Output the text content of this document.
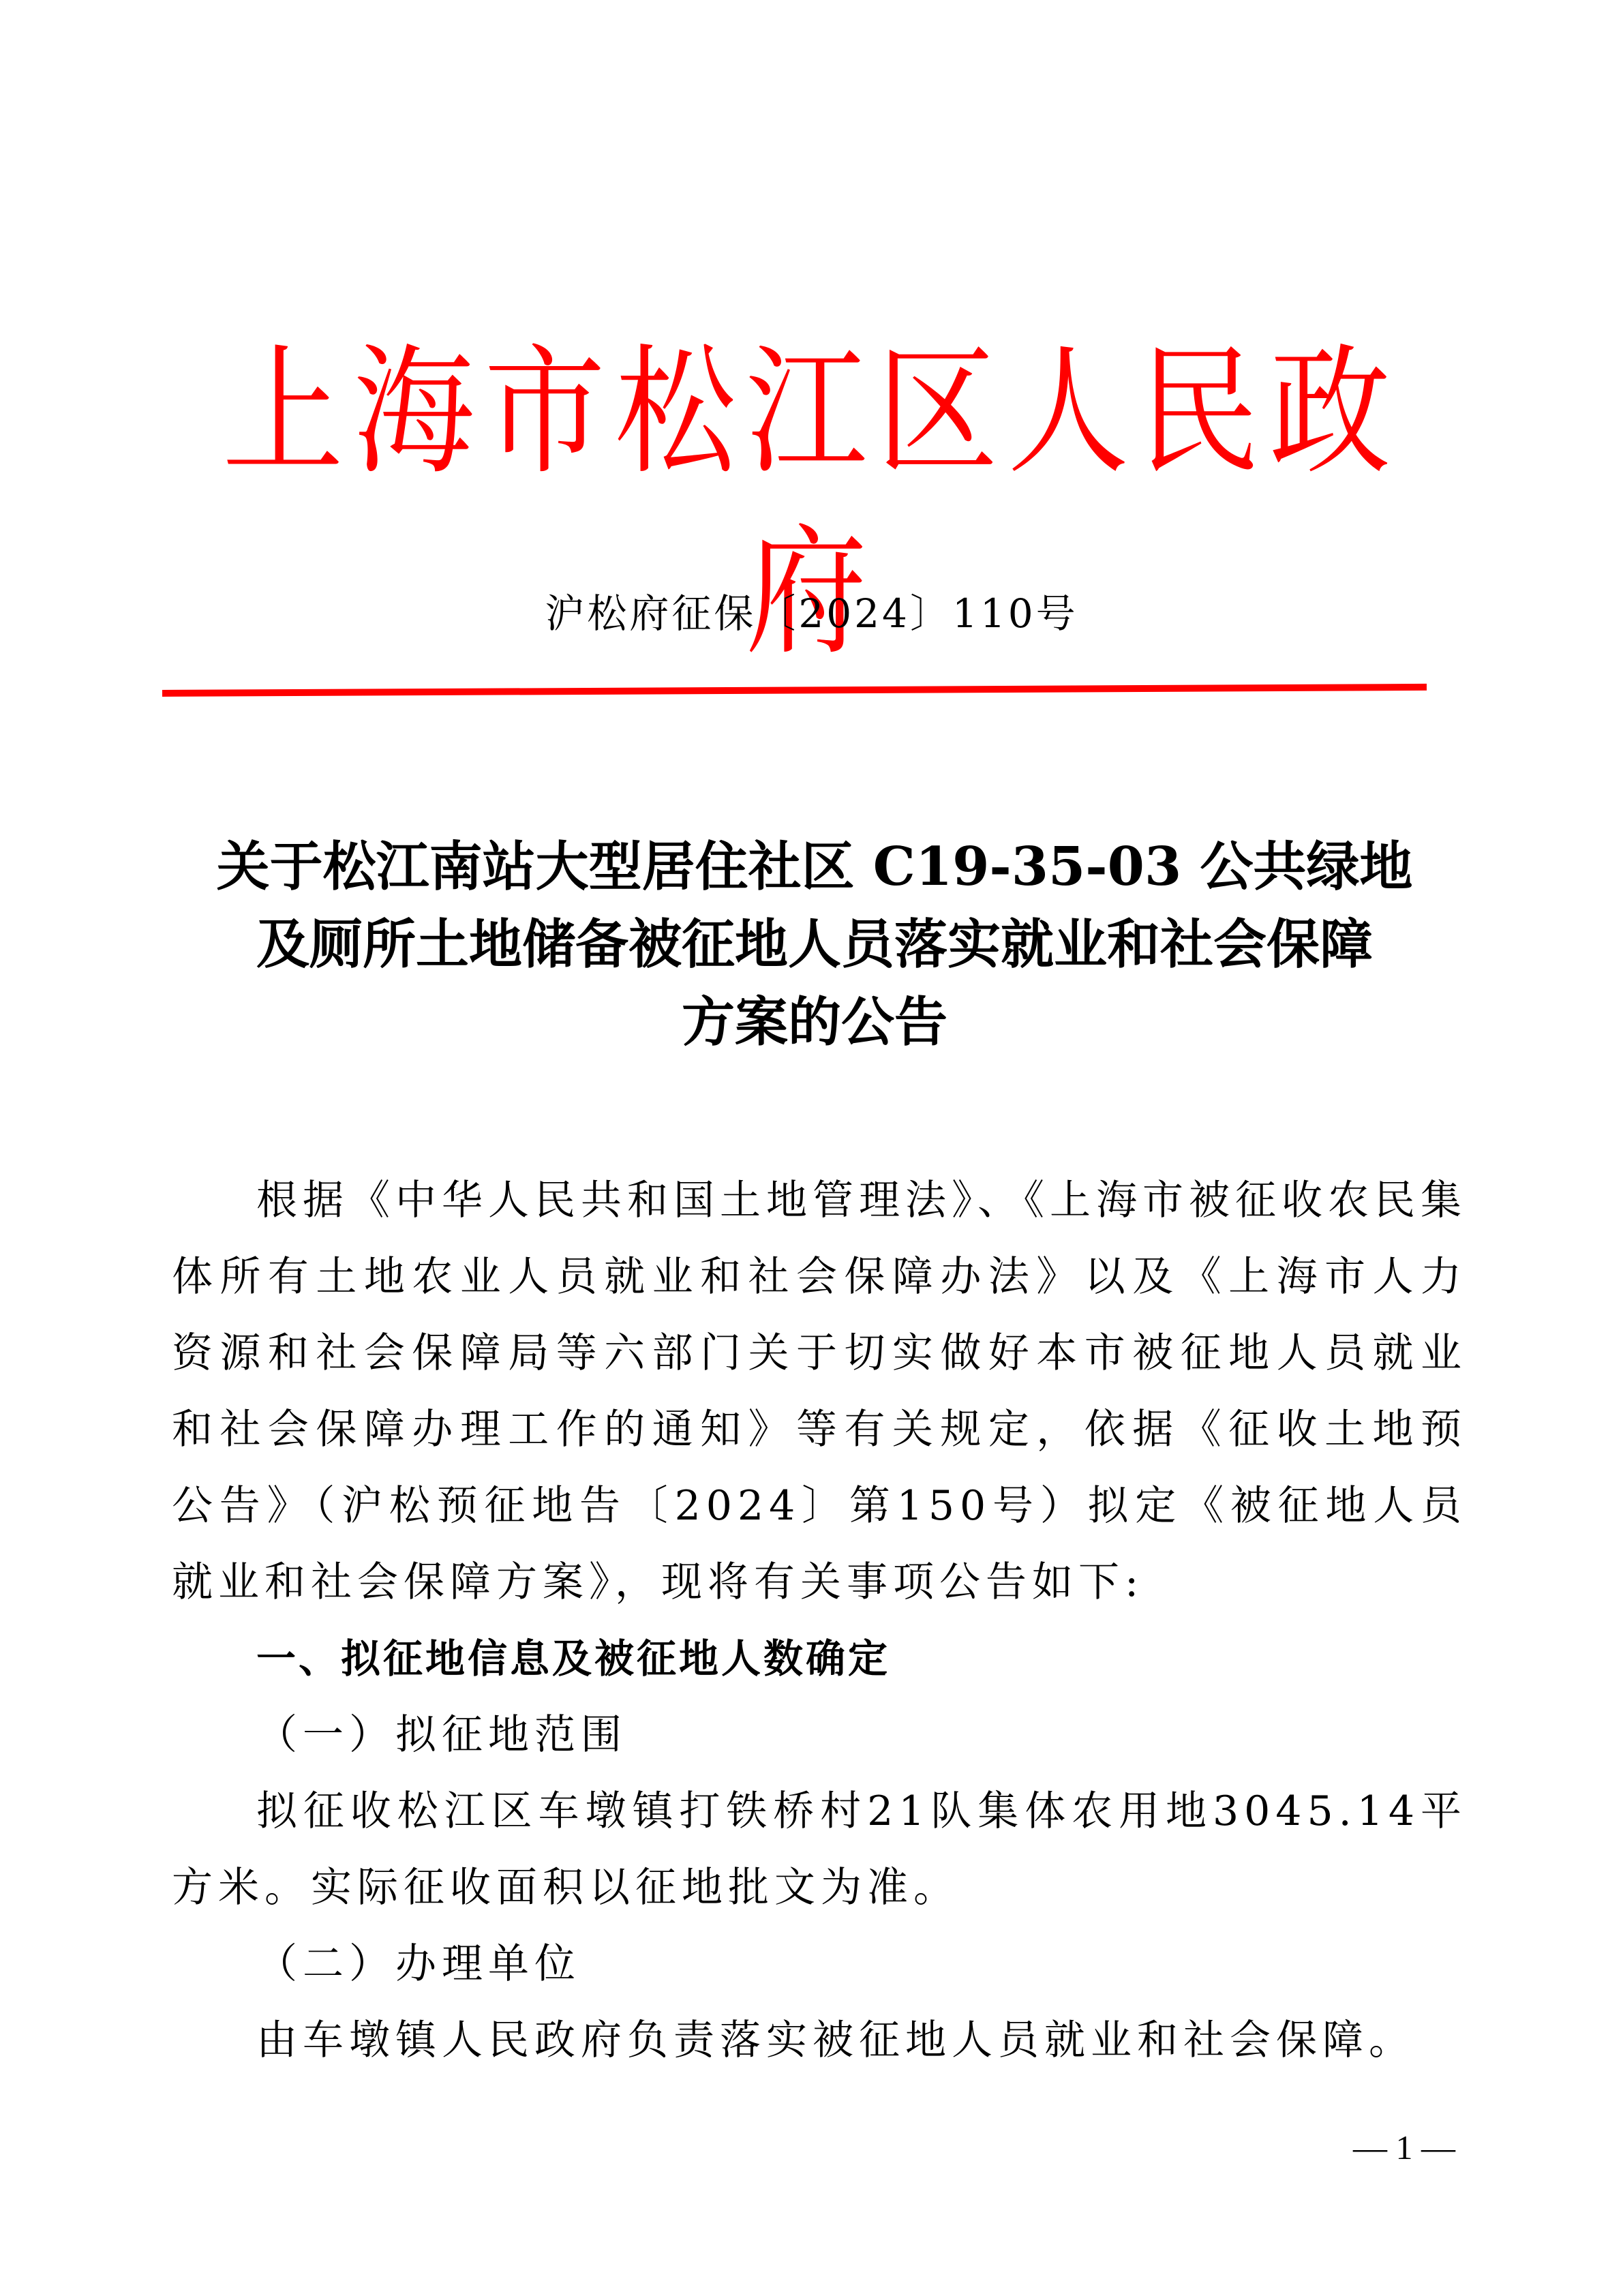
上海市松江区人民政府
沪松府征保〔2024〕110号
关于松江南站大型居住社区 C19-35-03 公共绿地
及厕所土地储备被征地人员落实就业和社会保障
方案的公告

根据《中华人民共和国土地管理法》、《上海市被征收农民集体所有土地农业人员就业和社会保障办法》以及《上海市人力资源和社会保障局等六部门关于切实做好本市被征地人员就业和社会保障办理工作的通知》等有关规定，依据《征收土地预公告》（沪松预征地告〔2024〕第150号）拟定《被征地人员就业和社会保障方案》，现将有关事项公告如下:

一、拟征地信息及被征地人数确定

（一）拟征地范围

拟征收松江区车墩镇打铁桥村21队集体农用地3045.14平方米。实际征收面积以征地批文为准。

（二）办理单位

由车墩镇人民政府负责落实被征地人员就业和社会保障。

— 1 —
